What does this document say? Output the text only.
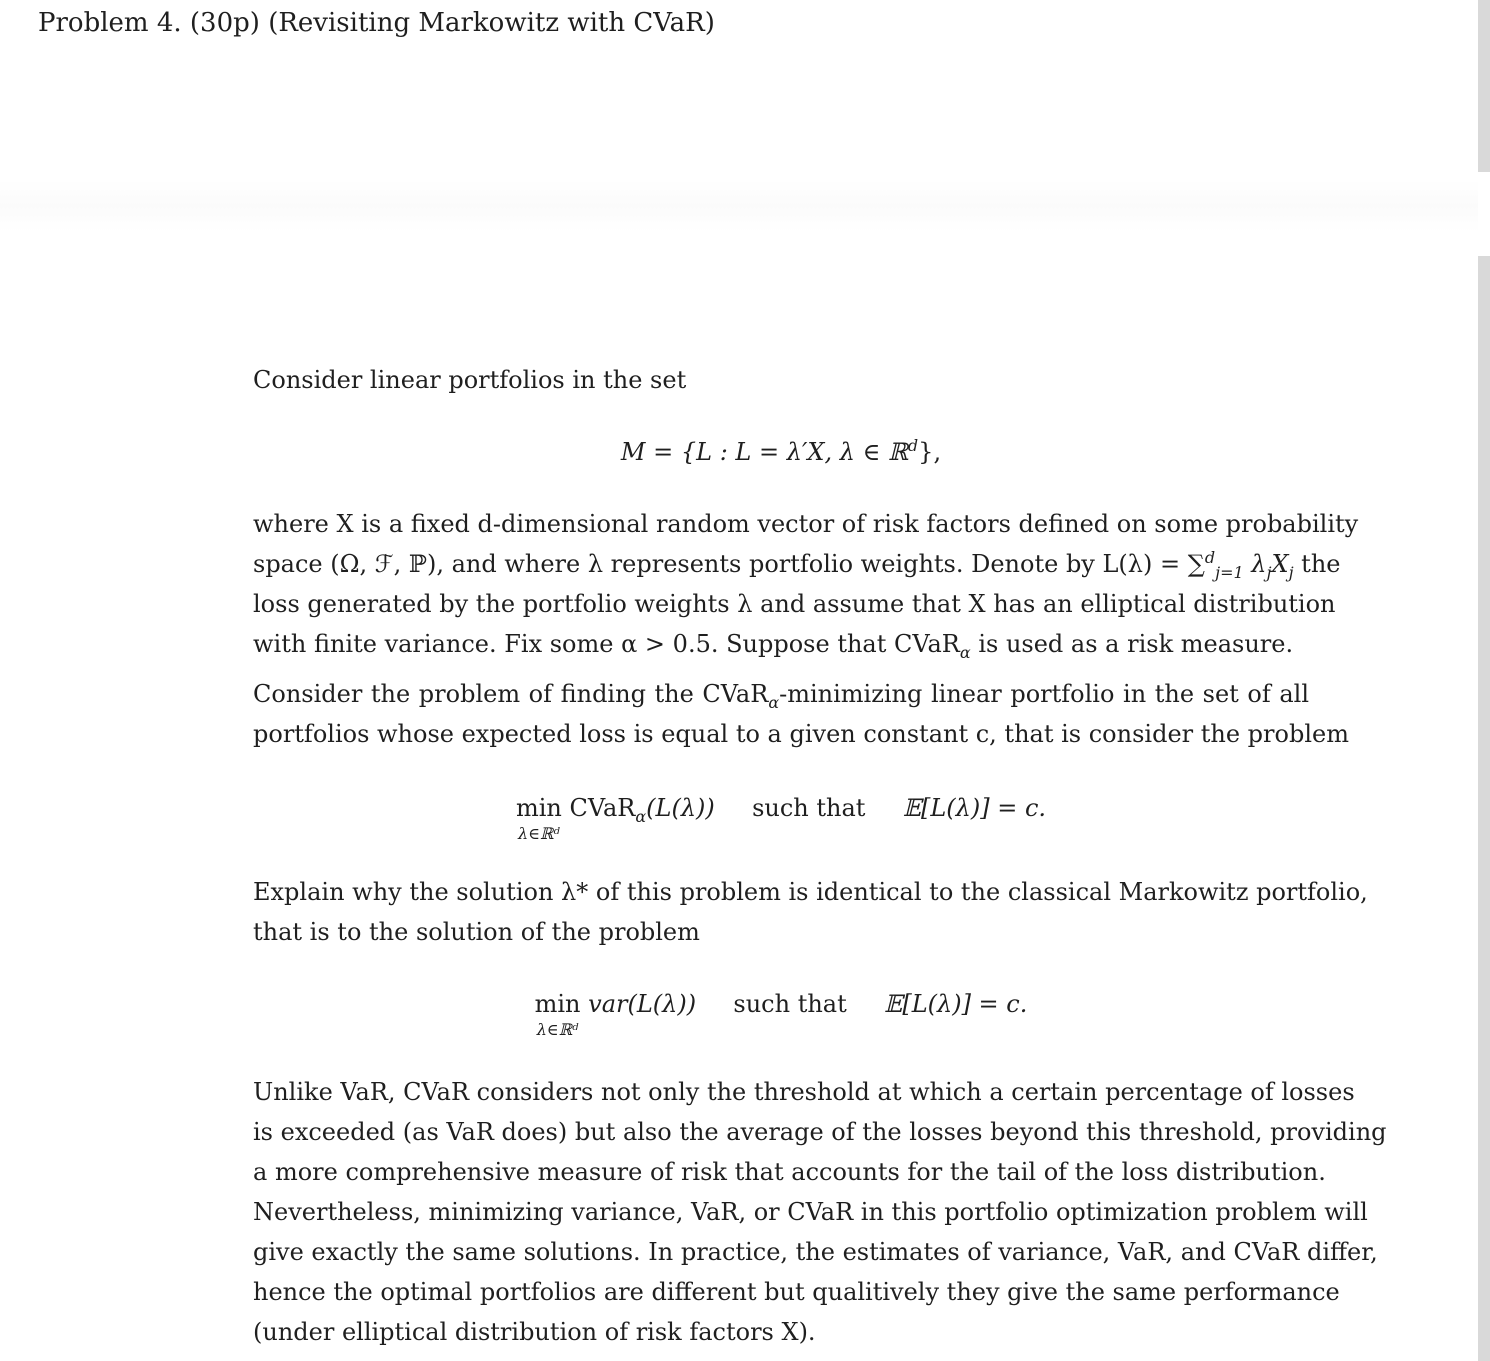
Problem 4. (30p) (Revisiting Markowitz with CVaR)

Consider linear portfolios in the set

M = {L : L = λ′X, λ ∈ ℝ$^d$},
where X is a fixed d-dimensional random vector of risk factors defined on some probability
space (Ω, ℱ, ℙ), and where λ represents portfolio weights. Denote by L(λ) = ∑$^d_{j=1}$ $\lambda_jX_j$ the
loss generated by the portfolio weights λ and assume that X has an elliptical distribution
with finite variance. Fix some α > 0.5. Suppose that CVaR$_\alpha$ is used as a risk measure.
Consider the problem of finding the CVaR$_\alpha$-minimizing linear portfolio in the set of all
portfolios whose expected loss is equal to a given constant c, that is consider the problem
min
λ∈ℝᵈ
CVaR$_\alpha$(L(λ)) such that 𝔼[L(λ)] = c.
Explain why the solution λ* of this problem is identical to the classical Markowitz portfolio,
that is to the solution of the problem
min
λ∈ℝᵈ
var(L(λ)) such that 𝔼[L(λ)] = c.
Unlike VaR, CVaR considers not only the threshold at which a certain percentage of losses
is exceeded (as VaR does) but also the average of the losses beyond this threshold, providing
a more comprehensive measure of risk that accounts for the tail of the loss distribution.
Nevertheless, minimizing variance, VaR, or CVaR in this portfolio optimization problem will
give exactly the same solutions. In practice, the estimates of variance, VaR, and CVaR differ,
hence the optimal portfolios are different but qualitively they give the same performance
(under elliptical distribution of risk factors X).
